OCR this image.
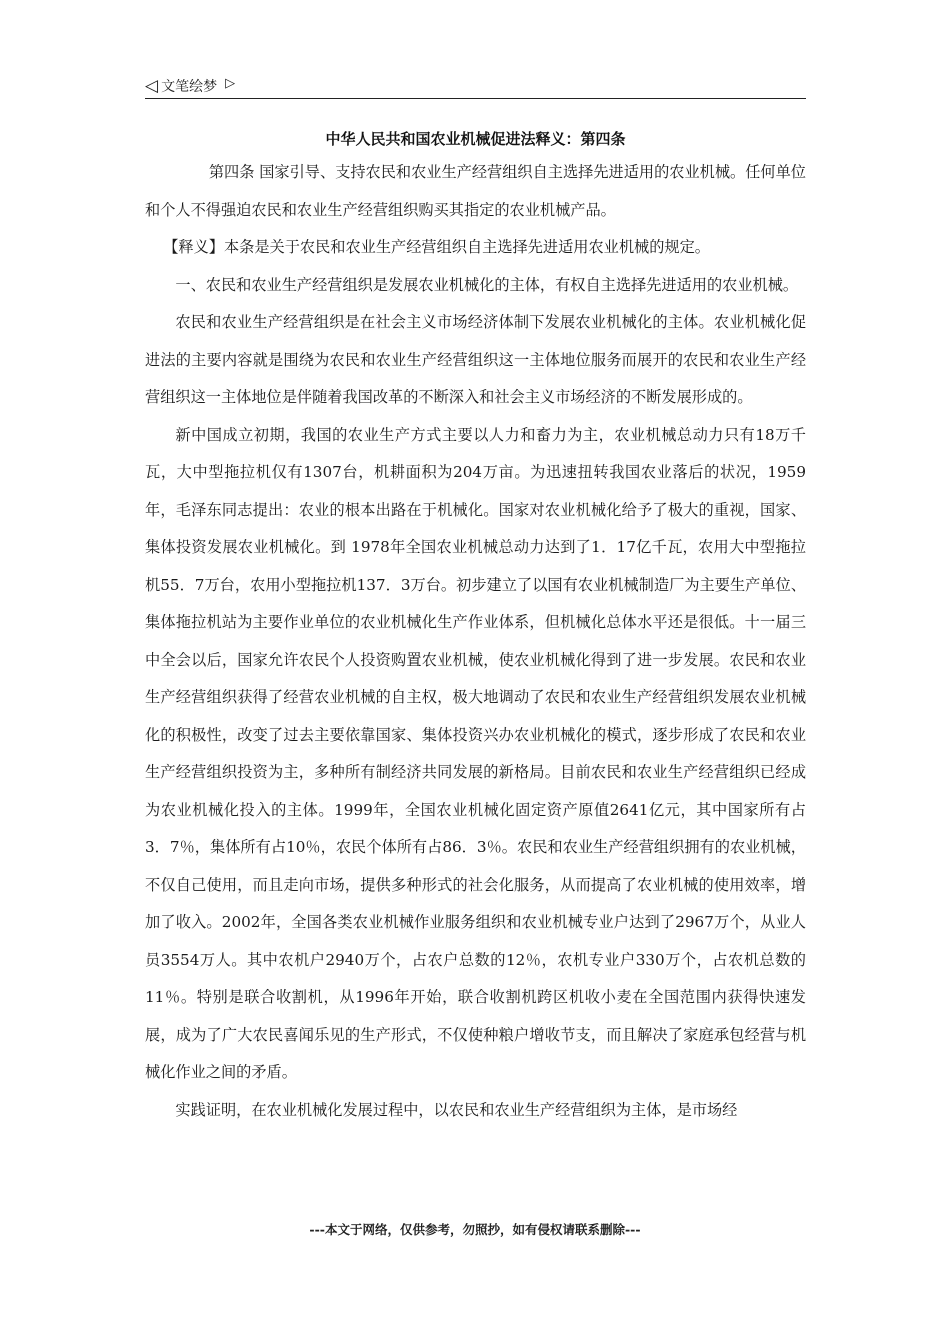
◁ 文笔绘梦 ▷
中华人民共和国农业机械促进法释义：第四条

第四条 国家引导、支持农民和农业生产经营组织自主选择先进适用的农业机械。任何单位和个人不得强迫农民和农业生产经营组织购买其指定的农业机械产品。

【释义】本条是关于农民和农业生产经营组织自主选择先进适用农业机械的规定。

一、农民和农业生产经营组织是发展农业机械化的主体，有权自主选择先进适用的农业机械。

农民和农业生产经营组织是在社会主义市场经济体制下发展农业机械化的主体。农业机械化促进法的主要内容就是围绕为农民和农业生产经营组织这一主体地位服务而展开的农民和农业生产经营组织这一主体地位是伴随着我国改革的不断深入和社会主义市场经济的不断发展形成的。

新中国成立初期，我国的农业生产方式主要以人力和畜力为主，农业机械总动力只有18万千瓦，大中型拖拉机仅有1307台，机耕面积为204万亩。为迅速扭转我国农业落后的状况，1959年，毛泽东同志提出：农业的根本出路在于机械化。国家对农业机械化给予了极大的重视，国家、集体投资发展农业机械化。到 1978年全国农业机械总动力达到了1．17亿千瓦，农用大中型拖拉机55．7万台，农用小型拖拉机137．3万台。初步建立了以国有农业机械制造厂为主要生产单位、集体拖拉机站为主要作业单位的农业机械化生产作业体系，但机械化总体水平还是很低。十一届三中全会以后，国家允许农民个人投资购置农业机械，使农业机械化得到了进一步发展。农民和农业生产经营组织获得了经营农业机械的自主权，极大地调动了农民和农业生产经营组织发展农业机械化的积极性，改变了过去主要依靠国家、集体投资兴办农业机械化的模式，逐步形成了农民和农业生产经营组织投资为主，多种所有制经济共同发展的新格局。目前农民和农业生产经营组织已经成为农业机械化投入的主体。1999年，全国农业机械化固定资产原值2641亿元，其中国家所有占3．7％，集体所有占10％，农民个体所有占86．3％。农民和农业生产经营组织拥有的农业机械，不仅自己使用，而且走向市场，提供多种形式的社会化服务，从而提高了农业机械的使用效率，增加了收入。2002年，全国各类农业机械作业服务组织和农业机械专业户达到了2967万个，从业人员3554万人。其中农机户2940万个，占农户总数的12％，农机专业户330万个，占农机总数的11％。特别是联合收割机，从1996年开始，联合收割机跨区机收小麦在全国范围内获得快速发展，成为了广大农民喜闻乐见的生产形式，不仅使种粮户增收节支，而且解决了家庭承包经营与机械化作业之间的矛盾。

实践证明，在农业机械化发展过程中，以农民和农业生产经营组织为主体，是市场经

---本文于网络，仅供参考，勿照抄，如有侵权请联系删除---
